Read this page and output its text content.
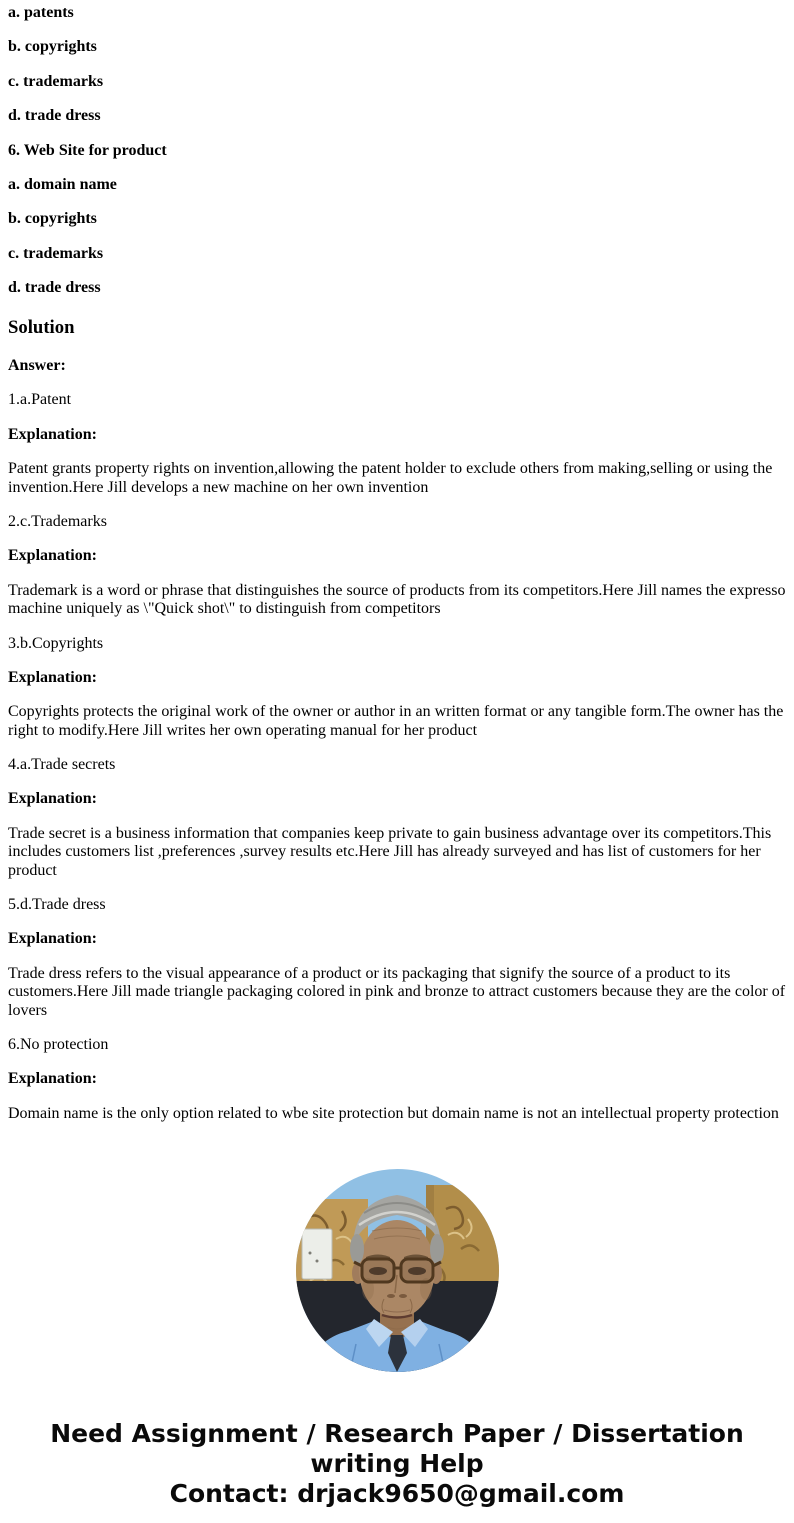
a. patents

b. copyrights

c. trademarks

d. trade dress

6. Web Site for product

a. domain name

b. copyrights

c. trademarks

d. trade dress

Solution

Answer:

1.a.Patent

Explanation:

Patent grants property rights on invention,allowing the patent holder to exclude others from making,selling or using the invention.Here Jill develops a new machine on her own invention

2.c.Trademarks

Explanation:

Trademark is a word or phrase that distinguishes the source of products from its competitors.Here Jill names the expresso machine uniquely as \"Quick shot\" to distinguish from competitors

3.b.Copyrights

Explanation:

Copyrights protects the original work of the owner or author in an written format or any tangible form.The owner has the right to modify.Here Jill writes her own operating manual for her product

4.a.Trade secrets

Explanation:

Trade secret is a business information that companies keep private to gain business advantage over its competitors.This includes customers list ,preferences ,survey results etc.Here Jill has already surveyed and has list of customers for her product

5.d.Trade dress

Explanation:

Trade dress refers to the visual appearance of a product or its packaging that signify the source of a product to its customers.Here Jill made triangle packaging colored in pink and bronze to attract customers because they are the color of lovers

6.No protection

Explanation:

Domain name is the only option related to wbe site protection but domain name is not an intellectual property protection

Need Assignment / Research Paper / Dissertation
writing Help
Contact: drjack9650@gmail.com
